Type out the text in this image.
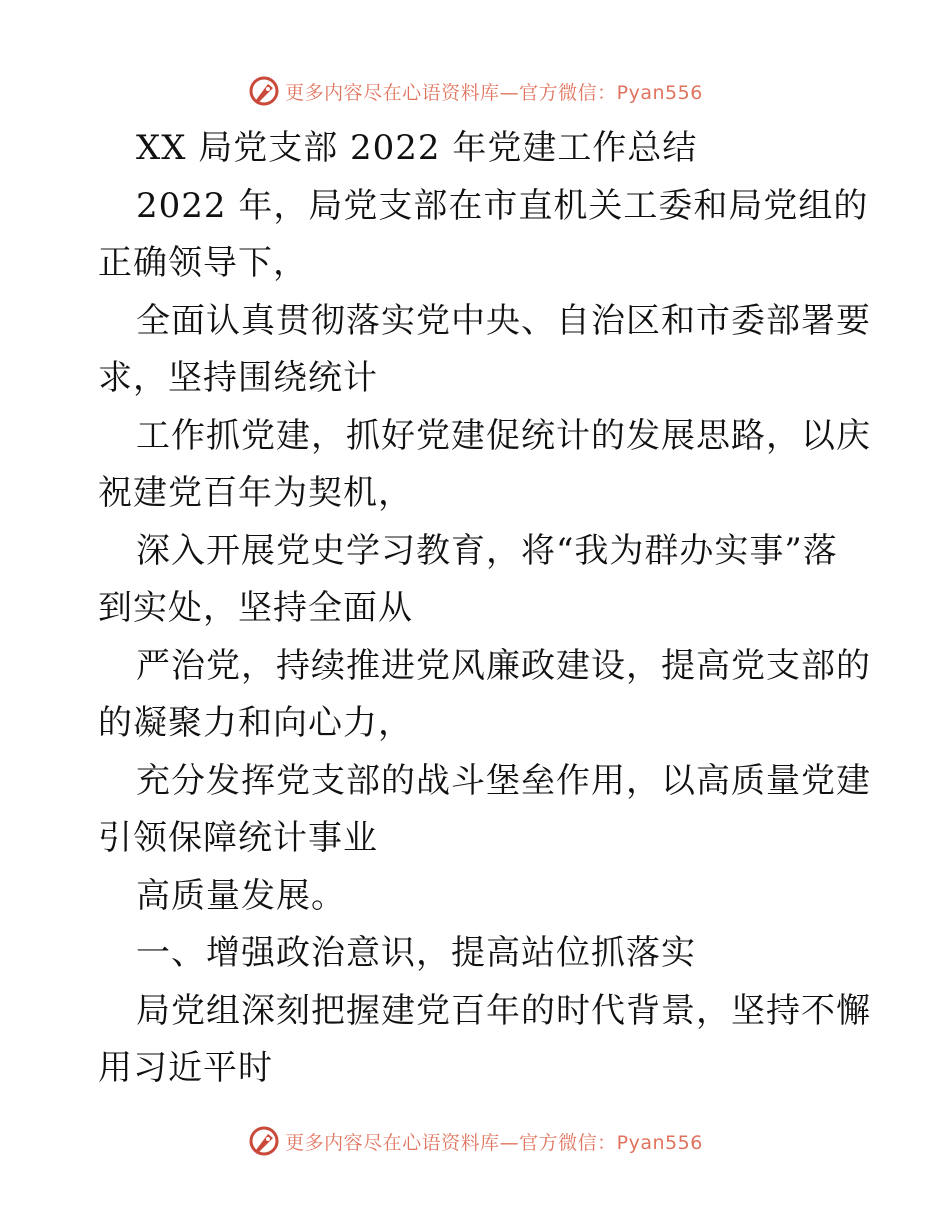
更多内容尽在心语资料库—官方微信：Pyan556
XX 局党支部 2022 年党建工作总结
2022 年，局党支部在市直机关工委和局党组的
正确领导下，
全面认真贯彻落实党中央、自治区和市委部署要
求，坚持围绕统计
工作抓党建，抓好党建促统计的发展思路，以庆
祝建党百年为契机，
深入开展党史学习教育，将“我为群办实事”落
到实处，坚持全面从
严治党，持续推进党风廉政建设，提高党支部的
的凝聚力和向心力，
充分发挥党支部的战斗堡垒作用，以高质量党建
引领保障统计事业
高质量发展。
一、增强政治意识，提高站位抓落实
局党组深刻把握建党百年的时代背景，坚持不懈
用习近平时
更多内容尽在心语资料库—官方微信：Pyan556
